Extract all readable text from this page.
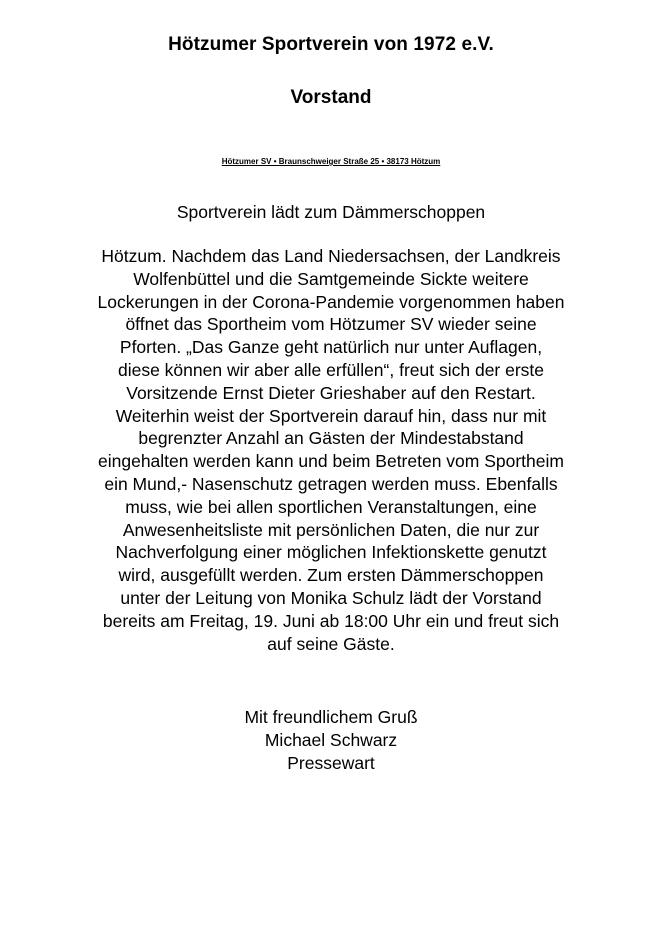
Hötzumer Sportverein von 1972 e.V.
Vorstand
Hötzumer SV • Braunschweiger Straße 25 • 38173 Hötzum
Sportverein lädt zum Dämmerschoppen
Hötzum. Nachdem das Land Niedersachsen, der Landkreis
Wolfenbüttel und die Samtgemeinde Sickte weitere
Lockerungen in der Corona-Pandemie vorgenommen haben
öffnet das Sportheim vom Hötzumer SV wieder seine
Pforten. „Das Ganze geht natürlich nur unter Auflagen,
diese können wir aber alle erfüllen“, freut sich der erste
Vorsitzende Ernst Dieter Grieshaber auf den Restart.
Weiterhin weist der Sportverein darauf hin, dass nur mit
begrenzter Anzahl an Gästen der Mindestabstand
eingehalten werden kann und beim Betreten vom Sportheim
ein Mund,- Nasenschutz getragen werden muss. Ebenfalls
muss, wie bei allen sportlichen Veranstaltungen, eine
Anwesenheitsliste mit persönlichen Daten, die nur zur
Nachverfolgung einer möglichen Infektionskette genutzt
wird, ausgefüllt werden. Zum ersten Dämmerschoppen
unter der Leitung von Monika Schulz lädt der Vorstand
bereits am Freitag, 19. Juni ab 18:00 Uhr ein und freut sich
auf seine Gäste.
Mit freundlichem Gruß
Michael Schwarz
Pressewart
